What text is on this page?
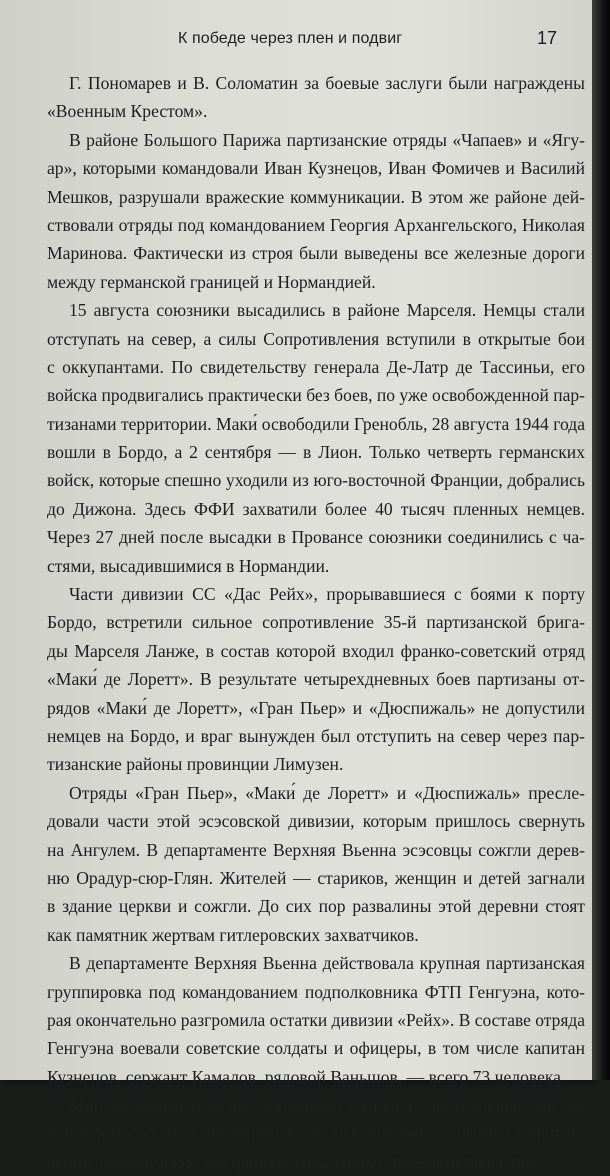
К победе через плен и подвиг	17

Г. Пономарев и В. Соломатин за боевые заслуги были награждены
«Военным Крестом».

В районе Большого Парижа партизанские отряды «Чапаев» и «Ягу-
ар», которыми командовали Иван Кузнецов, Иван Фомичев и Василий
Мешков, разрушали вражеские коммуникации. В этом же районе дей-
ствовали отряды под командованием Георгия Архангельского, Николая
Маринова. Фактически из строя были выведены все железные дороги
между германской границей и Нормандией.

15 августа союзники высадились в районе Марселя. Немцы стали
отступать на север, а силы Сопротивления вступили в открытые бои
с оккупантами. По свидетельству генерала Де-Латр де Тассиньи, его
войска продвигались практически без боев, по уже освобожденной пар-
тизанами территории. Маки́ освободили Гренобль, 28 августа 1944 года
вошли в Бордо, а 2 сентября — в Лион. Только четверть германских
войск, которые спешно уходили из юго-восточной Франции, добрались
до Дижона. Здесь ФФИ захватили более 40 тысяч пленных немцев.
Через 27 дней после высадки в Провансе союзники соединились с ча-
стями, высадившимися в Нормандии.

Части дивизии СС «Дас Рейх», прорывавшиеся с боями к порту
Бордо, встретили сильное сопротивление 35-й партизанской брига-
ды Марселя Ланже, в состав которой входил франко-советский отряд
«Маки́ де Лоретт». В результате четырехдневных боев партизаны от-
рядов «Маки́ де Лоретт», «Гран Пьер» и «Дюспижаль» не допустили
немцев на Бордо, и враг вынужден был отступить на север через пар-
тизанские районы провинции Лимузен.

Отряды «Гран Пьер», «Маки́ де Лоретт» и «Дюспижаль» пресле-
довали части этой эсэсовской дивизии, которым пришлось свернуть
на Ангулем. В департаменте Верхняя Вьенна эсэсовцы сожгли дерев-
ню Орадур-сюр-Глян. Жителей — стариков, женщин и детей загнали
в здание церкви и сожгли. До сих пор развалины этой деревни стоят
как памятник жертвам гитлеровских захватчиков.

В департаменте Верхняя Вьенна действовала крупная партизанская
группировка под командованием подполковника ФТП Генгуэна, кото-
рая окончательно разгромила остатки дивизии «Рейх». В составе отряда
Генгуэна воевали советские солдаты и офицеры, в том числе капитан
Кузнецов, сержант Камалов, рядовой Ваньшов, — всего 73 человека.

Многие города и целые провинции (Аннеси, Центральный массив
и вся юго-западная Франция) были освобождены силами Сопротив-
ления. Французские внутренние силы (ФФИ) превратились в под-
